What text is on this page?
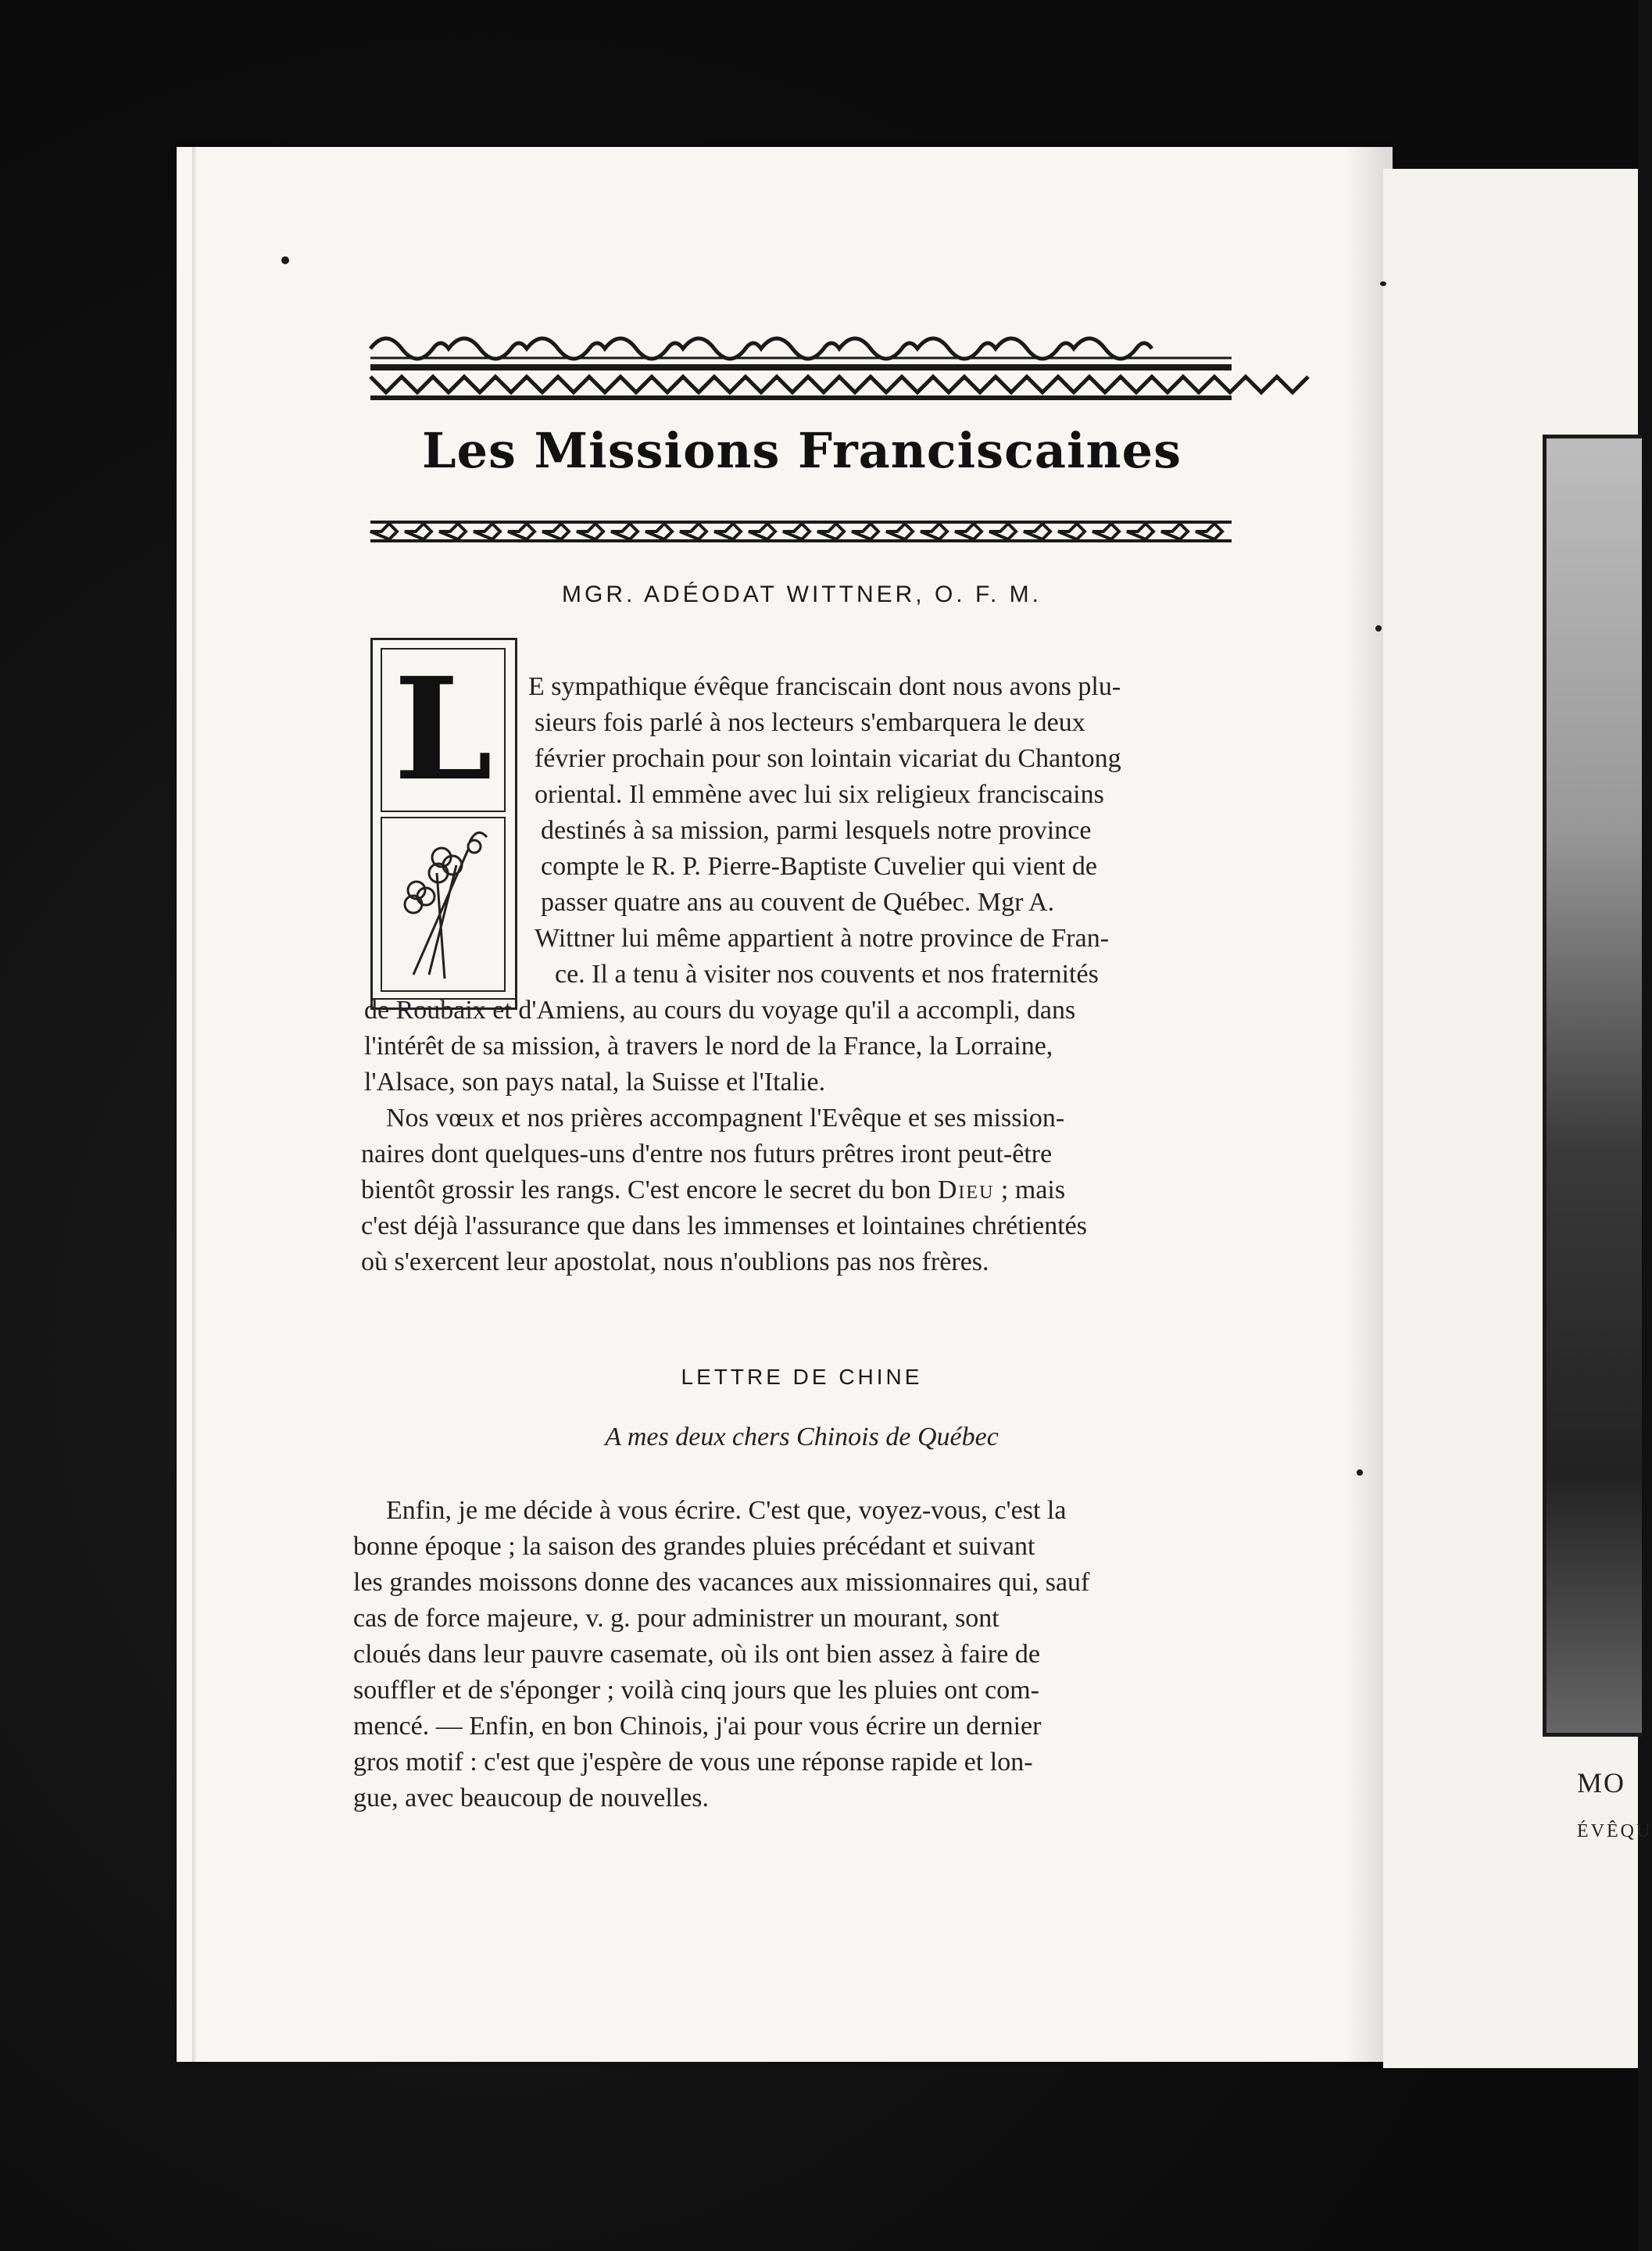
MO
ÉVÊQU
Les Missions Franciscaines
MGR. ADÉODAT WITTNER, O. F. M.
L	E sympathique évêque franciscain dont nous avons plu-
sieurs fois parlé à nos lecteurs s'embarquera le deux
février prochain pour son lointain vicariat du Chantong
oriental. Il emmène avec lui six religieux franciscains
destinés à sa mission, parmi lesquels notre province
compte le R. P. Pierre-Baptiste Cuvelier qui vient de
passer quatre ans au couvent de Québec. Mgr A.
Wittner lui même appartient à notre province de Fran-
ce. Il a tenu à visiter nos couvents et nos fraternités
de Roubaix et d'Amiens, au cours du voyage qu'il a accompli, dans
l'intérêt de sa mission, à travers le nord de la France, la Lorraine,
l'Alsace, son pays natal, la Suisse et l'Italie.
Nos vœux et nos prières accompagnent l'Evêque et ses mission-
naires dont quelques-uns d'entre nos futurs prêtres iront peut-être
bientôt grossir les rangs. C'est encore le secret du bon Dieu ; mais
c'est déjà l'assurance que dans les immenses et lointaines chrétientés
où s'exercent leur apostolat, nous n'oublions pas nos frères.
LETTRE DE CHINE
A mes deux chers Chinois de Québec
Enfin, je me décide à vous écrire. C'est que, voyez-vous, c'est la
bonne époque ; la saison des grandes pluies précédant et suivant
les grandes moissons donne des vacances aux missionnaires qui, sauf
cas de force majeure, v. g. pour administrer un mourant, sont
cloués dans leur pauvre casemate, où ils ont bien assez à faire de
souffler et de s'éponger ; voilà cinq jours que les pluies ont com-
mencé. — Enfin, en bon Chinois, j'ai pour vous écrire un dernier
gros motif : c'est que j'espère de vous une réponse rapide et lon-
gue, avec beaucoup de nouvelles.
